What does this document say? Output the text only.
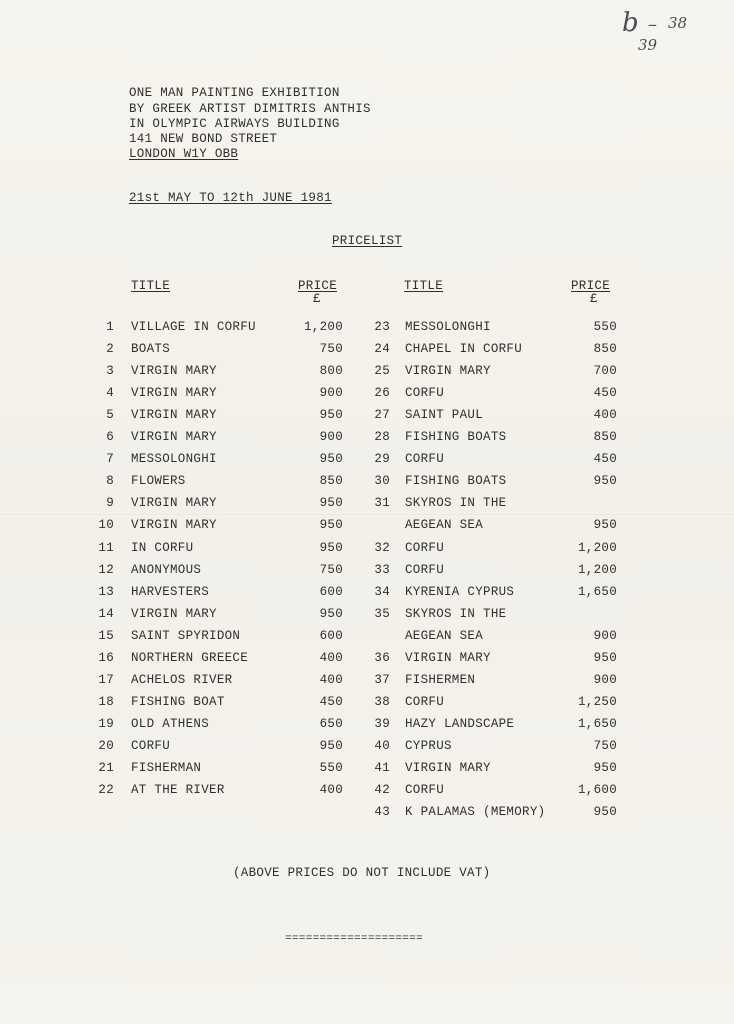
b – 38
39
ONE MAN PAINTING EXHIBITION
BY GREEK ARTIST DIMITRIS ANTHIS
IN OLYMPIC AIRWAYS BUILDING
141 NEW BOND STREET
LONDON W1Y OBB
21st MAY TO 12th JUNE 1981
PRICELIST
TITLE	PRICE
£
TITLE	PRICE
£
1 VILLAGE IN CORFU	1,200
2 BOATS	750
3 VIRGIN MARY	800
4 VIRGIN MARY	900
5 VIRGIN MARY	950
6 VIRGIN MARY	900
7 MESSOLONGHI	950
8 FLOWERS	850
9 VIRGIN MARY	950
10 VIRGIN MARY	950
11 IN CORFU	950
12 ANONYMOUS	750
13 HARVESTERS	600
14 VIRGIN MARY	950
15 SAINT SPYRIDON	600
16 NORTHERN GREECE	400
17 ACHELOS RIVER	400
18 FISHING BOAT	450
19 OLD ATHENS	650
20 CORFU	950
21 FISHERMAN	550
22 AT THE RIVER	400
23 MESSOLONGHI	550
24 CHAPEL IN CORFU	850
25 VIRGIN MARY	700
26 CORFU	450
27 SAINT PAUL	400
28 FISHING BOATS	850
29 CORFU	450
30 FISHING BOATS	950
31 SKYROS IN THE
AEGEAN SEA	950
32 CORFU	1,200
33 CORFU	1,200
34 KYRENIA CYPRUS	1,650
35 SKYROS IN THE
AEGEAN SEA	900
36 VIRGIN MARY	950
37 FISHERMEN	900
38 CORFU	1,250
39 HAZY LANDSCAPE	1,650
40 CYPRUS	750
41 VIRGIN MARY	950
42 CORFU	1,600
43 K PALAMAS (MEMORY)	950
(ABOVE PRICES DO NOT INCLUDE VAT)
====================
